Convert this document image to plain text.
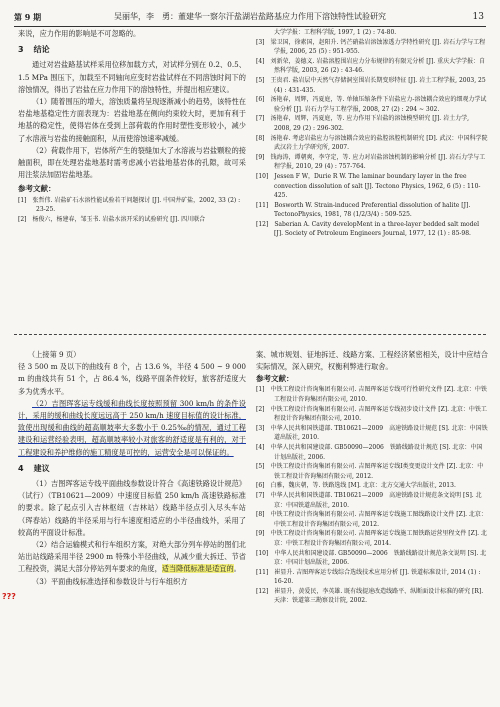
第 9 期	吴丽华，李　勇：董建华一察尔汗盐湖岩盐路基应力作用下溶蚀特性试验研究	13

来说，应力作用的影响是不可忽略的。

3 结论

通过对岩盐路基试样采用位移加载方式，对试样分别在 0.2、0.5、1.5 MPa 围压下，加载至不同轴向应变时岩盐试样在不同溶蚀时间下的溶蚀情况，得出了岩盐在应力作用下的溶蚀特性，并提出相应建议。

（1）随着围压的增大，溶蚀质量将呈现逐渐减小的趋势，该特性在岩盐地基稳定性方面表现为：岩盐地基在侧向约束较大时，更加有利于地基的稳定性，使得岩体在受到上部荷载的作用时塑性变形较小，减少了水溶液与岩盐的接触面积，从而使溶蚀速率减缓。

（2）荷载作用下，岩体所产生的裂缝加大了水溶液与岩盐颗粒的接触面积，即在处理岩盐地基时需考虑减小岩盐地基岩体的孔隙，故可采用注浆法加固岩盐地基。

参考文献：

[1]　张哲伟. 岩盐矿石水溶性能试验若干问题探讨 [J]. 中国井矿盐，2002, 33 (2) : 23-25.

[2]　杨俊六，杨建春，邹玉书. 岩盐水溶开采的试验研究 [J]. 四川联合

大学学报：工程科学版, 1997, 1 (2) : 74-80.

[3]　梁卫国，徐素国，赵阳升. 钙芒硝盐岩溶蚀渗透力学特性研究 [J]. 岩石力学与工程学报, 2006, 25 (5) : 951-955.

[4]　刘新荣，姜德义. 岩盐溶腔围岩应力分布规律的有限元分析 [J]. 重庆大学学报：自然科学版, 2003, 26 (2) : 43-46.

[5]　王贵君. 盐岩层中天然气存储洞室围岩长期变形特征 [J]. 岩土工程学报, 2003, 25 (4) : 431-435.

[6]　汤艳春，周辉，冯夏庭，等. 单轴压缩条件下岩盐应力-溶蚀耦合效应的细观力学试验分析 [J]. 岩石力学与工程学报, 2008, 27 (2) : 294 ~ 302.

[7]　汤艳春，周辉，冯夏庭，等. 应力作用下岩盐的溶蚀模型研究 [J]. 岩土力学, 2008, 29 (2) : 296-302.

[8]　汤艳春. 考虑岩盐应力与溶蚀耦合效应的盐腔溶腔机制研究 [D]. 武汉：中国科学院武汉岩土力学研究所, 2007.

[9]　钱海涛，谭朝爽，李守定，等. 应力对岩盐溶蚀机制的影响分析 [J]. 岩石力学与工程学报, 2010, 29 (4) : 757-764.

[10]　Jessen F W，Durie R W. The laminar boundary layer in the free convection dissolution of salt [J]. Tectono Physics, 1962, 6 (5) : 110-425.

[11]　Bosworth W. Strain-induced Preferential dissolution of halite [J]. TectonoPhysics, 1981, 78 (1/2/3/4) : 509-525.

[12]　Saberian A. Cavity developMent in a three-layer bedded salt model [J]. Society of Petroleum Engineers Journal, 1977, 12 (1) : 85-98.

（上接第 9 页）

径 3 500 m 及以下的曲线有 8 个，占 13.6 %，半径 4 500 ~ 9 000 m 的曲线共有 51 个，占 86.4 %，线路平面条件较好，旅客舒适度大多为优秀水平。

（2）吉图珲客运专线缓和曲线长度按照预留 300 km/h 的条件设计，采用的缓和曲线长度远远高于 250 km/h 速度目标值的设计标准，致使出现缓和曲线的超高顺坡率大多数小于 0.25‰的情况，通过工程建设和运营经验表明，超高顺坡率较小对旅客的舒适度是有利的，对于工程建设和养护维修的施工精度是可控的，运营安全是可以保证的。

4 建议

（1）吉图珲客运专线平面曲线参数设计符合《高速铁路设计规范》（试行）（TB10621—2009）中速度目标值 250 km/h 高速铁路标准的要求。除了起点引入吉林枢纽（吉林站）线路半径点引入尽头车站（珲春站）线路的半径采用与行车速度相适应的小半径曲线外，采用了较高的平面设计标准。

（2）结合运输模式和行车组织方案，对绝大部分列车停站的图们北站出站线路采用半径 2900 m 特殊小半径曲线，从减少重大拆迁、节省工程投资，满足大部分停站列车要求的角度，适当降低标准是适宜的。

（3）平面曲线标准选择和参数设计与行车组织方

???

案、城市规划、征地拆迁、线路方案、工程经济紧密相关，设计中应结合实际情况，深入研究，权衡利弊进行取舍。

参考文献：

[1]　中铁工程设计咨询集团有限公司. 吉图珲客运专线可行性研究文件 [Z]. 北京：中铁工程设计咨询集团有限公司, 2010.

[2]　中铁工程设计咨询集团有限公司. 吉图珲客运专线初步设计文件 [Z]. 北京：中铁工程设计咨询集团有限公司, 2010.

[3]　中华人民共和国铁道部. TB10621—2009　高速铁路设计规范 [S]. 北京：中国铁道出版社, 2010.

[4]　中华人民共和国建设部. GB50090—2006　铁路线路设计规范 [S]. 北京：中国计划出版社, 2006.

[5]　中铁工程设计咨询集团有限公司. 吉图珲客运专线Ⅰ类变更设计文件 [Z]. 北京：中铁工程设计咨询集团有限公司, 2012.

[6]　白雅，魏庆朝，等. 铁路选线 [M]. 北京：北方交通大学出版社, 2013.

[7]　中华人民共和国铁道部. TB10621—2009　高速铁路设计规范条文说明 [S]. 北京：中国铁道出版社, 2010.

[8]　中铁工程设计咨询集团有限公司. 吉图珲客运专线施工图线路设计文件 [Z]. 北京：中铁工程设计咨询集团有限公司, 2012.

[9]　中铁工程设计咨询集团有限公司. 吉图珲客运专线施工图铁路运营里程文件 [Z]. 北京：中铁工程设计咨询集团有限公司, 2014.

[10]　中华人民共和国建设部. GB50090—2006　铁路线路设计规范条文说明 [S]. 北京：中国计划出版社, 2006.

[11]　崔显升. 吉图珲客运专线综合选线技术应用分析 [J]. 铁道标准设计, 2014 (1) : 16-20.

[12]　崔显升，黄爱民，李英雄. 既有线提速改造线路平、纵断面设计标准的研究 [R]. 天津：铁道第三勘察设计院, 2002.
